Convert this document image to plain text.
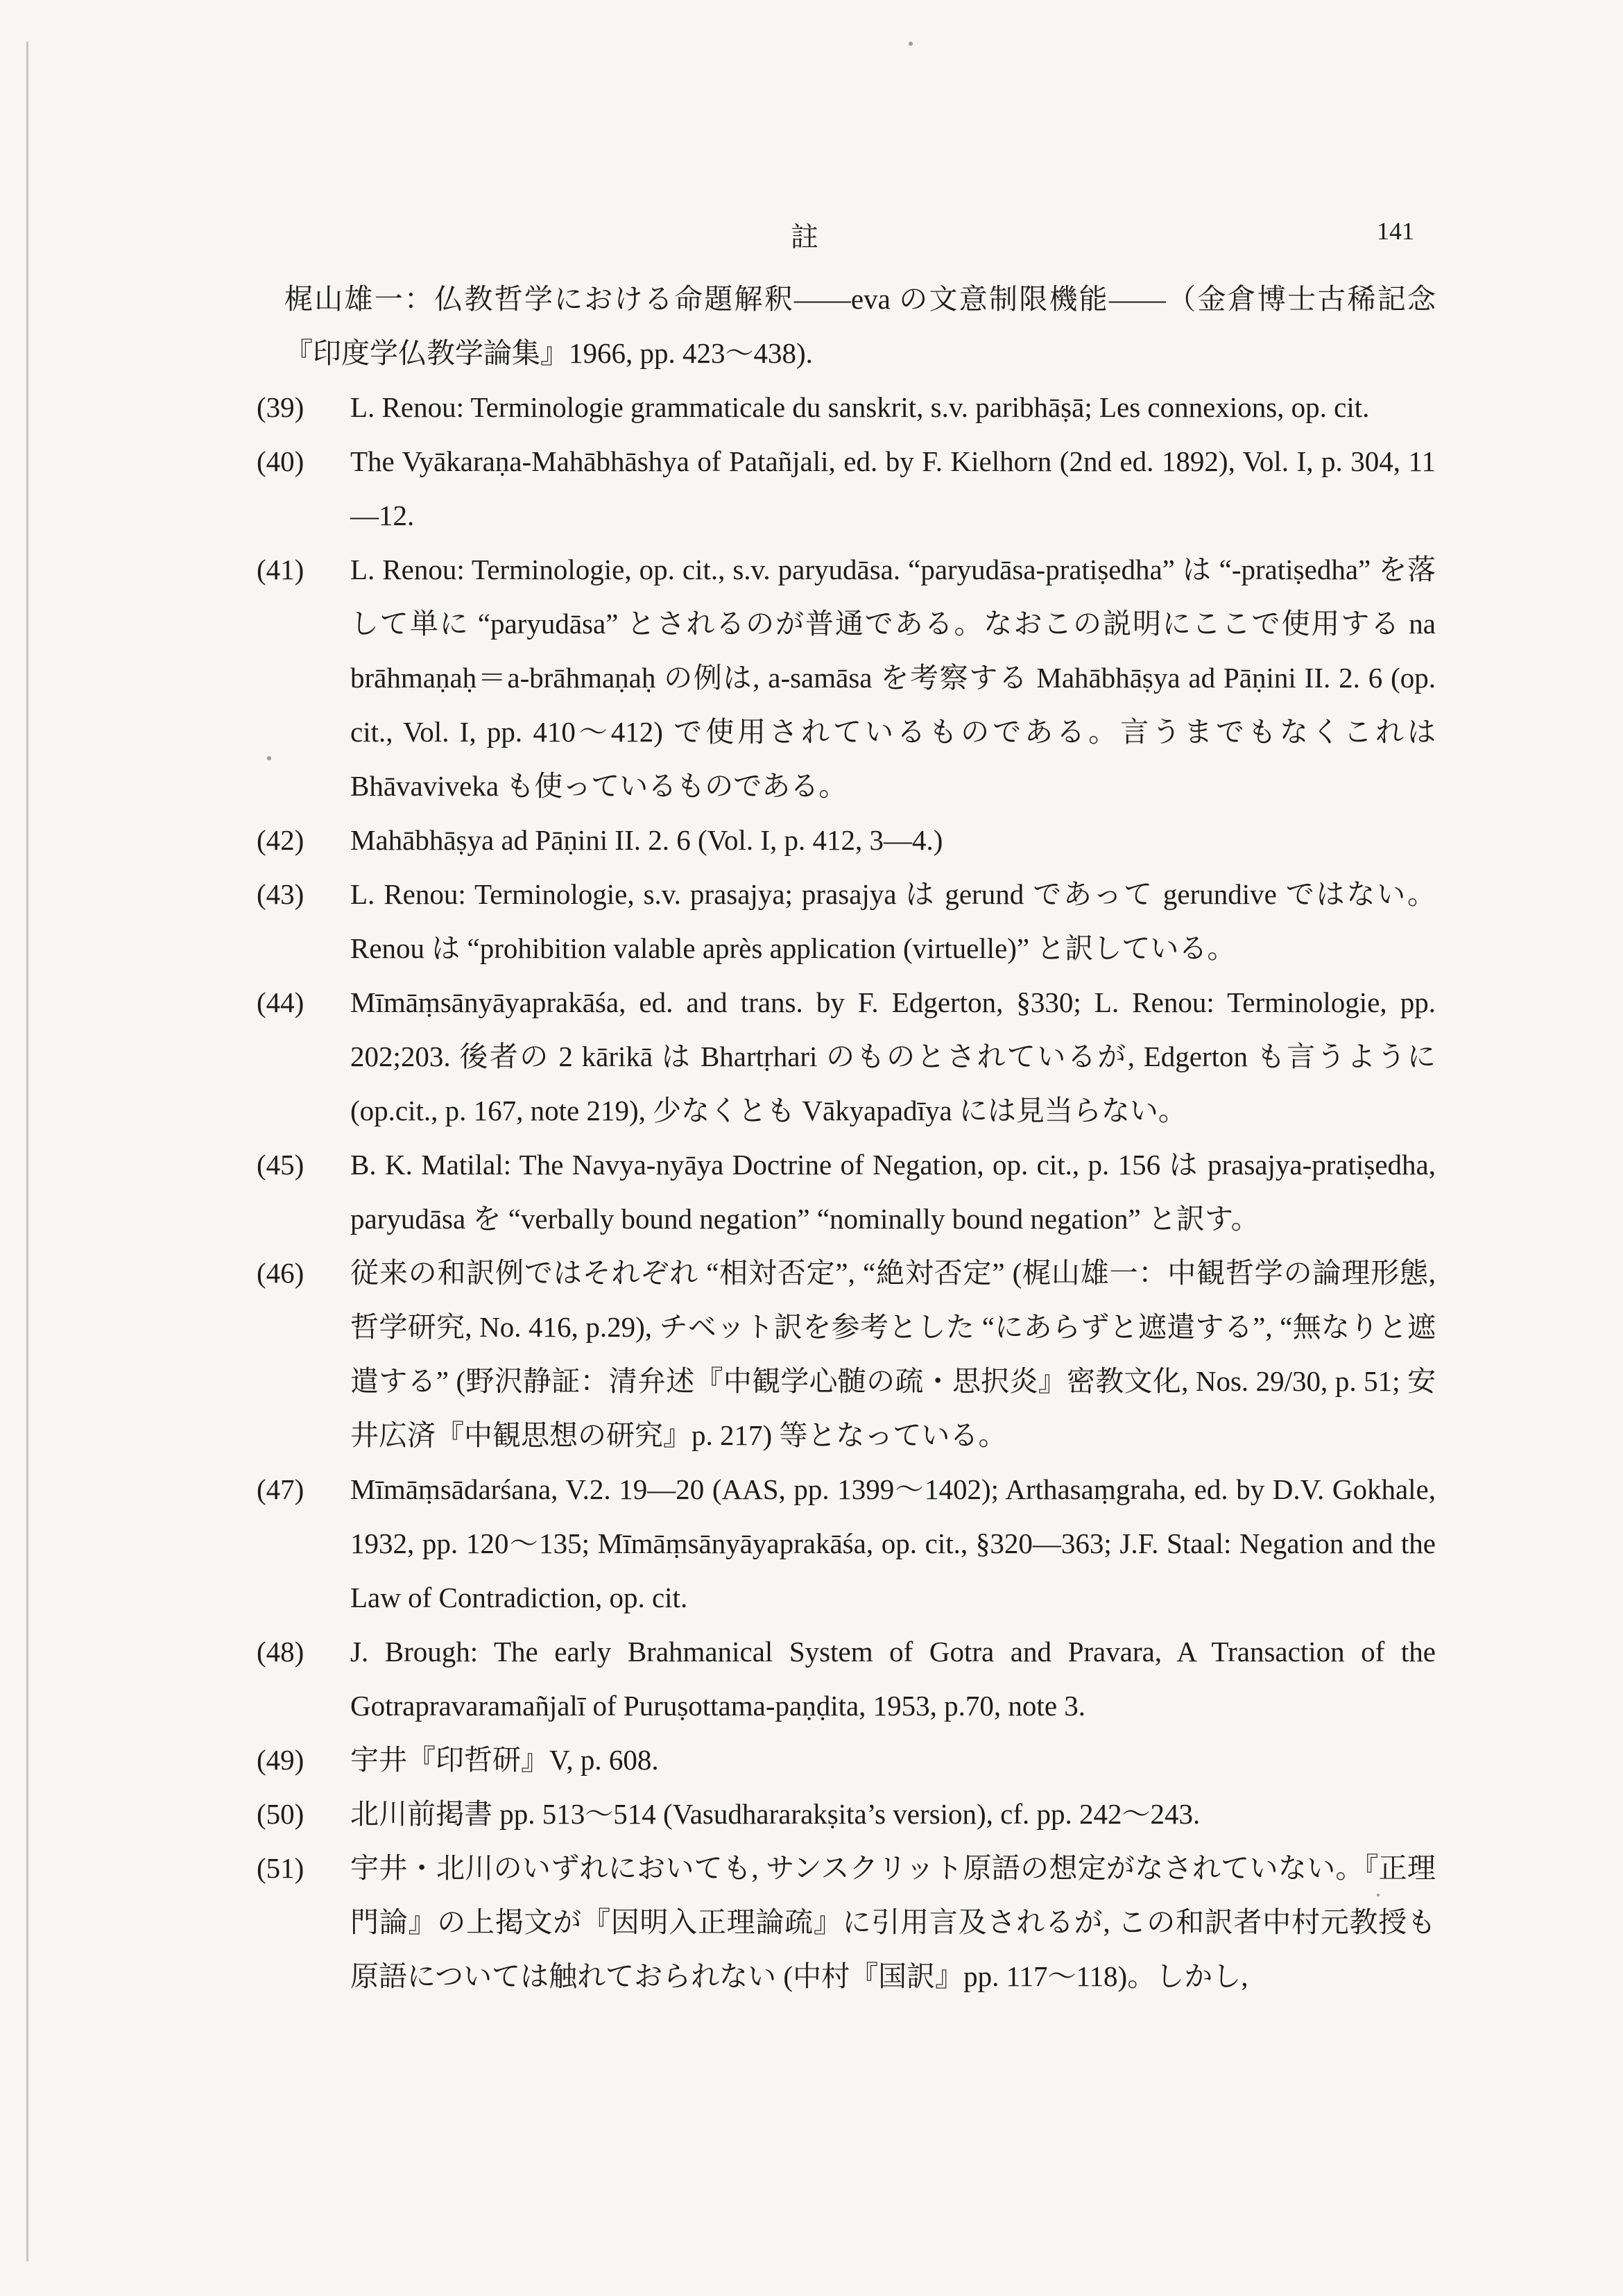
註	141

梶山雄一：仏教哲学における命題解釈——eva の文意制限機能——（金倉博士古稀記念『印度学仏教学論集』1966, pp. 423〜438).

(39)	L. Renou: Terminologie grammaticale du sanskrit, s.v. paribhāṣā; Les connexions, op. cit.

(40)	The Vyākaraṇa-Mahābhāshya of Patañjali, ed. by F. Kielhorn (2nd ed. 1892), Vol. I, p. 304, 11—12.

(41)	L. Renou: Terminologie, op. cit., s.v. paryudāsa. “paryudāsa-pratiṣedha” は “-pratiṣedha” を落して単に “paryudāsa” とされるのが普通である。なおこの説明にここで使用する na brāhmaṇaḥ＝a-brāhmaṇaḥ の例は, a-samāsa を考察する Mahābhāṣya ad Pāṇini II. 2. 6 (op. cit., Vol. I, pp. 410〜412) で使用されているものである。言うまでもなくこれは Bhāvaviveka も使っているものである。

(42)	Mahābhāṣya ad Pāṇini II. 2. 6 (Vol. I, p. 412, 3—4.)

(43)	L. Renou: Terminologie, s.v. prasajya; prasajya は gerund であって gerundive ではない。Renou は “prohibition valable après application (virtuelle)” と訳している。

(44)	Mīmāṃsānyāyaprakāśa, ed. and trans. by F. Edgerton, §330; L. Renou: Terminologie, pp. 202;203. 後者の 2 kārikā は Bhartṛhari のものとされているが, Edgerton も言うように (op.cit., p. 167, note 219), 少なくとも Vākyapadīya には見当らない。

(45)	B. K. Matilal: The Navya-nyāya Doctrine of Negation, op. cit., p. 156 は prasajya-pratiṣedha, paryudāsa を “verbally bound negation” “nominally bound negation” と訳す。

(46)	従来の和訳例ではそれぞれ “相対否定”, “絶対否定” (梶山雄一：中観哲学の論理形態, 哲学研究, No. 416, p.29), チベット訳を参考とした “にあらずと遮遣する”, “無なりと遮遣する” (野沢静証：清弁述『中観学心髄の疏・思択炎』密教文化, Nos. 29/30, p. 51; 安井広済『中観思想の研究』p. 217) 等となっている。

(47)	Mīmāṃsādarśana, V.2. 19—20 (AAS, pp. 1399〜1402); Arthasaṃgraha, ed. by D.V. Gokhale, 1932, pp. 120〜135; Mīmāṃsānyāyaprakāśa, op. cit., §320—363; J.F. Staal: Negation and the Law of Contradiction, op. cit.

(48)	J. Brough: The early Brahmanical System of Gotra and Pravara, A Transaction of the Gotrapravaramañjalī of Puruṣottama-paṇḍita, 1953, p.70, note 3.

(49)	宇井『印哲研』V, p. 608.

(50)	北川前掲書 pp. 513〜514 (Vasudhararakṣita’s version), cf. pp. 242〜243.

(51)	宇井・北川のいずれにおいても, サンスクリット原語の想定がなされていない。『正理門論』の上掲文が『因明入正理論疏』に引用言及されるが, この和訳者中村元教授も原語については触れておられない (中村『国訳』pp. 117〜118)。しかし,
